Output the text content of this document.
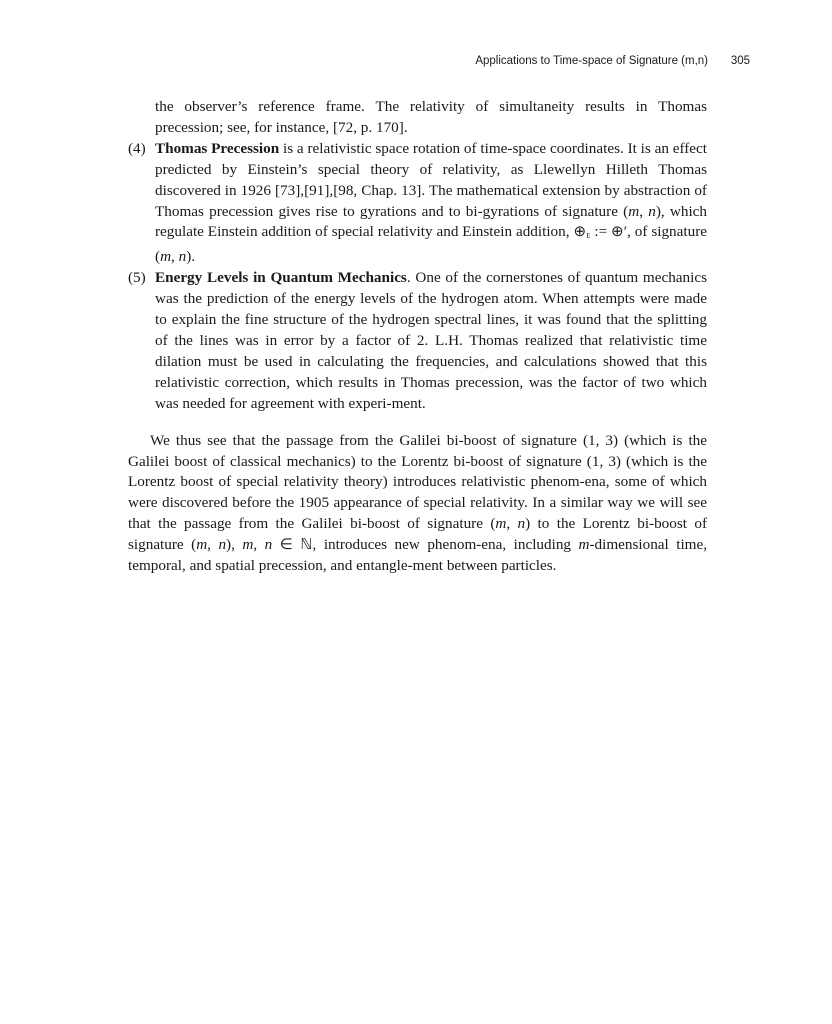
Applications to Time-space of Signature (m,n) 305

the observer’s reference frame. The relativity of simultaneity results in Thomas precession; see, for instance, [72, p. 170].

(4) Thomas Precession is a relativistic space rotation of time-space coordinates. It is an effect predicted by Einstein’s special theory of relativity, as Llewellyn Hilleth Thomas discovered in 1926 [73],[91],[98, Chap. 13]. The mathematical extension by abstraction of Thomas precession gives rise to gyrations and to bi-gyrations of signature (m, n), which regulate Einstein addition of special relativity and Einstein addition, $\oplus_E$ := ⊕′, of signature (m, n).

(5) Energy Levels in Quantum Mechanics. One of the cornerstones of quantum mechanics was the prediction of the energy levels of the hydrogen atom. When attempts were made to explain the fine structure of the hydrogen spectral lines, it was found that the splitting of the lines was in error by a factor of 2. L.H. Thomas realized that relativistic time dilation must be used in calculating the frequencies, and calculations showed that this relativistic correction, which results in Thomas precession, was the factor of two which was needed for agreement with experi-ment.

We thus see that the passage from the Galilei bi-boost of signature (1, 3) (which is the Galilei boost of classical mechanics) to the Lorentz bi-boost of signature (1, 3) (which is the Lorentz boost of special relativity theory) introduces relativistic phenom-ena, some of which were discovered before the 1905 appearance of special relativity. In a similar way we will see that the passage from the Galilei bi-boost of signature (m, n) to the Lorentz bi-boost of signature (m, n), m, n ∈ ℕ, introduces new phenom-ena, including m-dimensional time, temporal, and spatial precession, and entangle-ment between particles.
